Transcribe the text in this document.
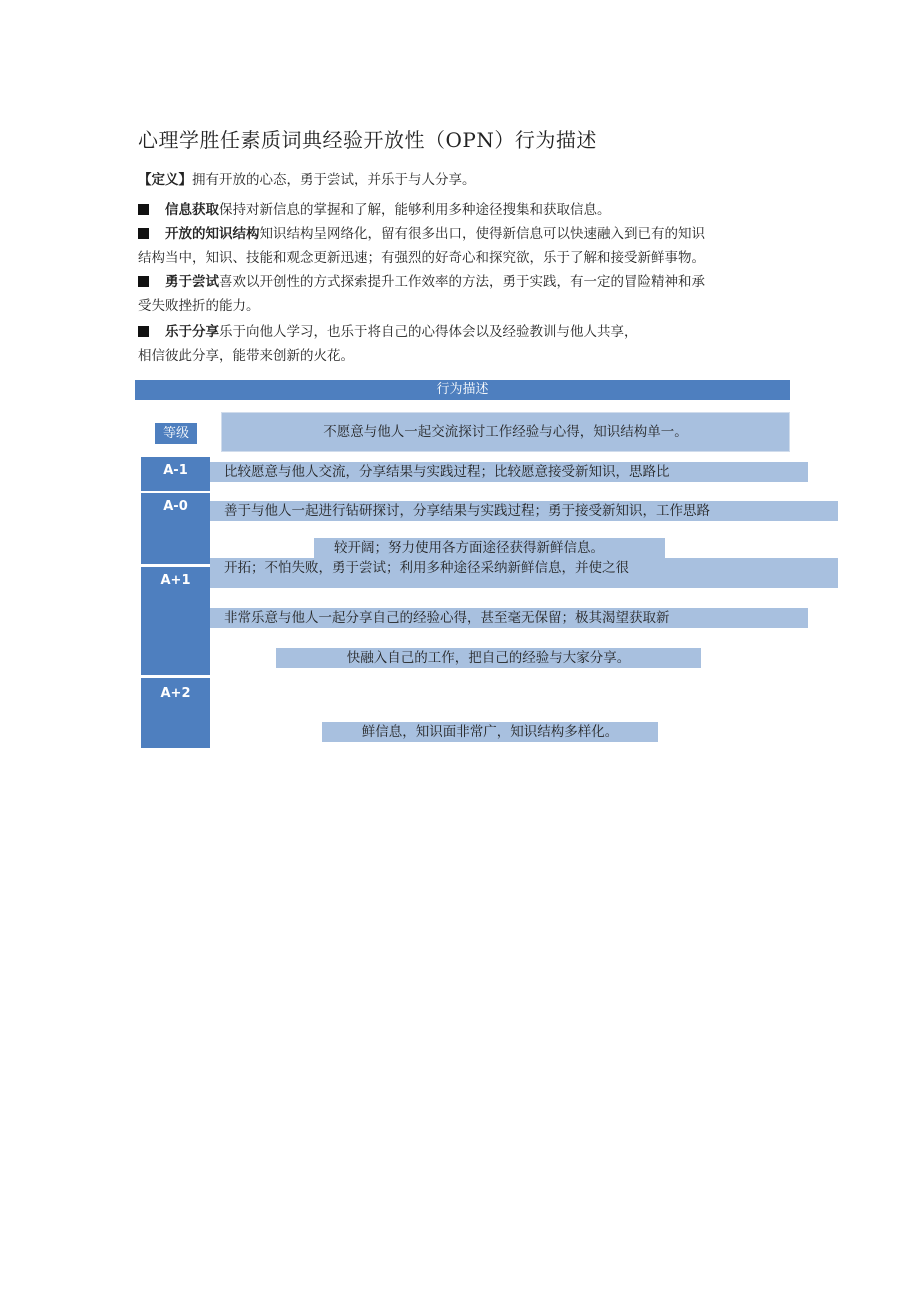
心理学胜任素质词典经验开放性（OPN）行为描述
【定义】拥有开放的心态，勇于尝试，并乐于与人分享。
信息获取保持对新信息的掌握和了解，能够利用多种途径搜集和获取信息。
开放的知识结构知识结构呈网络化，留有很多出口，使得新信息可以快速融入到已有的知识
结构当中，知识、技能和观念更新迅速；有强烈的好奇心和探究欲，乐于了解和接受新鲜事物。
勇于尝试喜欢以开创性的方式探索提升工作效率的方法，勇于实践，有一定的冒险精神和承
受失败挫折的能力。
乐于分享乐于向他人学习，也乐于将自己的心得体会以及经验教训与他人共享，
相信彼此分享，能带来创新的火花。
行为描述
等级
A-1
A-0
A+1
A+2
不愿意与他人一起交流探讨工作经验与心得，知识结构单一。
比较愿意与他人交流，分享结果与实践过程；比较愿意接受新知识，思路比
善于与他人一起进行钻研探讨，分享结果与实践过程；勇于接受新知识，工作思路
较开阔；努力使用各方面途径获得新鲜信息。
开拓；不怕失败，勇于尝试；利用多种途径采纳新鲜信息，并使之很
非常乐意与他人一起分享自己的经验心得，甚至毫无保留；极其渴望获取新
快融入自己的工作，把自己的经验与大家分享。
鲜信息，知识面非常广，知识结构多样化。
